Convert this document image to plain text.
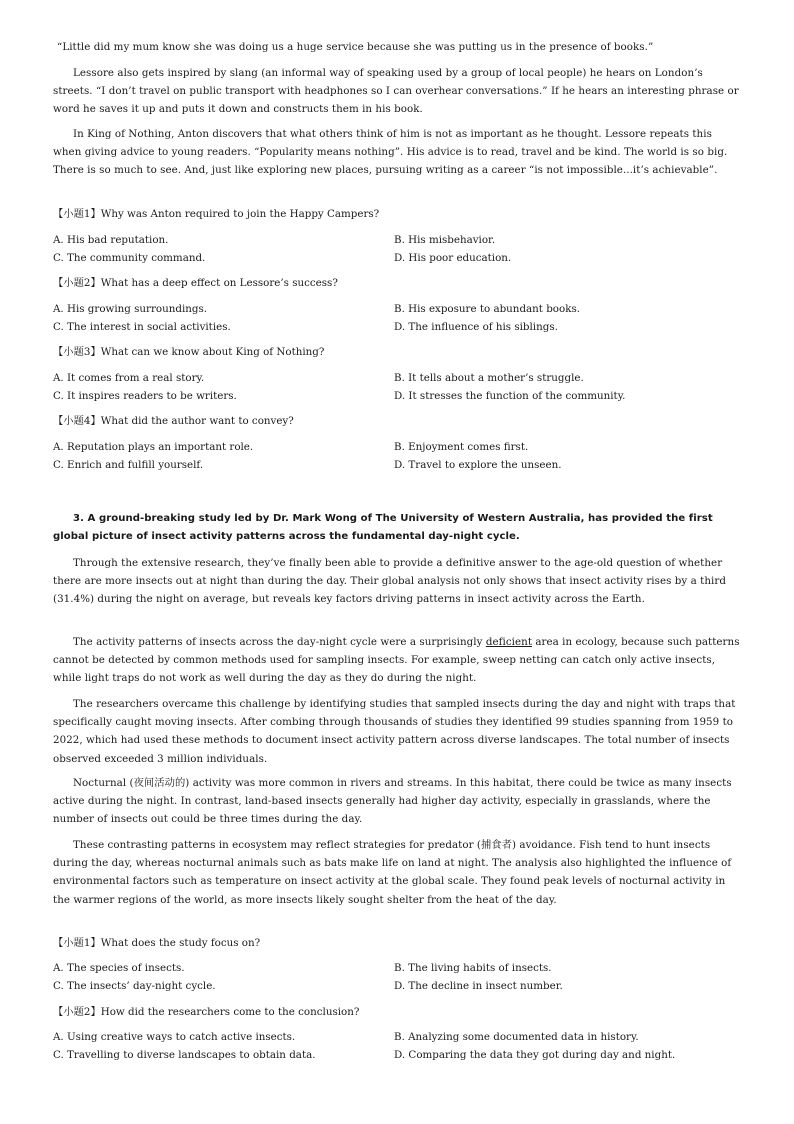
“Little did my mum know she was doing us a huge service because she was putting us in the presence of books.”
Lessore also gets inspired by slang (an informal way of speaking used by a group of local people) he hears on London’s streets. “I don’t travel on public transport with headphones so I can overhear conversations.” If he hears an interesting phrase or word he saves it up and puts it down and constructs them in his book.
In King of Nothing, Anton discovers that what others think of him is not as important as he thought. Lessore repeats this when giving advice to young readers. “Popularity means nothing”. His advice is to read, travel and be kind. The world is so big. There is so much to see. And, just like exploring new places, pursuing writing as a career “is not impossible...it’s achievable”.
【小题1】Why was Anton required to join the Happy Campers?
A. His bad reputation.	B. His misbehavior.
C. The community command.	D. His poor education.
【小题2】What has a deep effect on Lessore’s success?
A. His growing surroundings.	B. His exposure to abundant books.
C. The interest in social activities.	D. The influence of his siblings.
【小题3】What can we know about King of Nothing?
A. It comes from a real story.	B. It tells about a mother’s struggle.
C. It inspires readers to be writers.	D. It stresses the function of the community.
【小题4】What did the author want to convey?
A. Reputation plays an important role.	B. Enjoyment comes first.
C. Enrich and fulfill yourself.	D. Travel to explore the unseen.
3. A ground-breaking study led by Dr. Mark Wong of The University of Western Australia, has provided the first global picture of insect activity patterns across the fundamental day-night cycle.
Through the extensive research, they’ve finally been able to provide a definitive answer to the age-old question of whether there are more insects out at night than during the day. Their global analysis not only shows that insect activity rises by a third (31.4%) during the night on average, but reveals key factors driving patterns in insect activity across the Earth.
The activity patterns of insects across the day-night cycle were a surprisingly deficient area in ecology, because such patterns cannot be detected by common methods used for sampling insects. For example, sweep netting can catch only active insects, while light traps do not work as well during the day as they do during the night.
The researchers overcame this challenge by identifying studies that sampled insects during the day and night with traps that specifically caught moving insects. After combing through thousands of studies they identified 99 studies spanning from 1959 to 2022, which had used these methods to document insect activity pattern across diverse landscapes. The total number of insects observed exceeded 3 million individuals.
Nocturnal (夜间活动的) activity was more common in rivers and streams. In this habitat, there could be twice as many insects active during the night. In contrast, land-based insects generally had higher day activity, especially in grasslands, where the number of insects out could be three times during the day.
These contrasting patterns in ecosystem may reflect strategies for predator (捕食者) avoidance. Fish tend to hunt insects during the day, whereas nocturnal animals such as bats make life on land at night. The analysis also highlighted the influence of environmental factors such as temperature on insect activity at the global scale. They found peak levels of nocturnal activity in the warmer regions of the world, as more insects likely sought shelter from the heat of the day.
【小题1】What does the study focus on?
A. The species of insects.	B. The living habits of insects.
C. The insects’ day-night cycle.	D. The decline in insect number.
【小题2】How did the researchers come to the conclusion?
A. Using creative ways to catch active insects.	B. Analyzing some documented data in history.
C. Travelling to diverse landscapes to obtain data.	D. Comparing the data they got during day and night.
